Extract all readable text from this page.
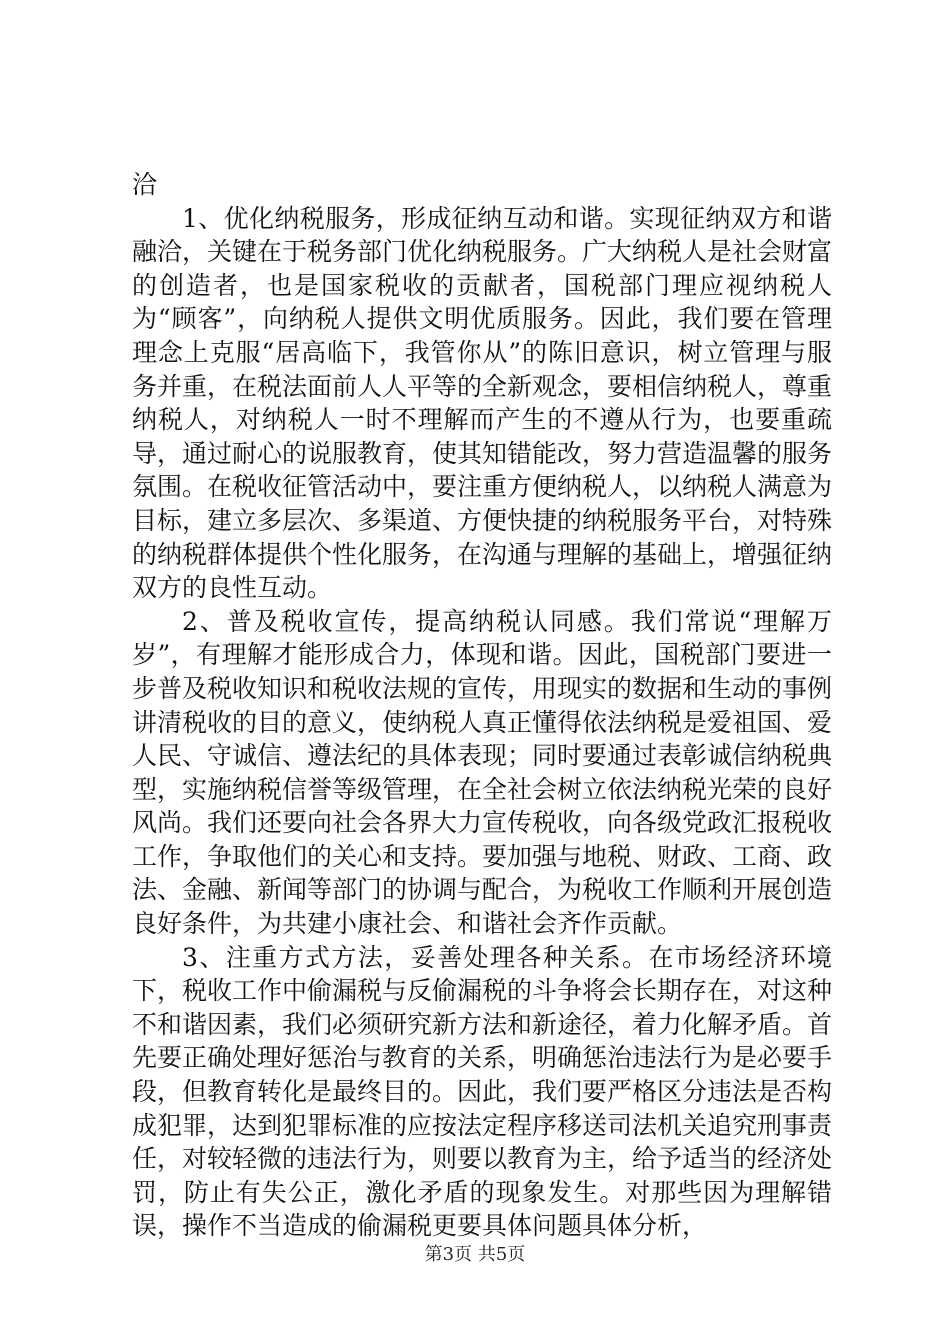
洽

1、优化纳税服务，形成征纳互动和谐。实现征纳双方和谐融洽，关键在于税务部门优化纳税服务。广大纳税人是社会财富的创造者，也是国家税收的贡献者，国税部门理应视纳税人为“顾客”，向纳税人提供文明优质服务。因此，我们要在管理理念上克服“居高临下，我管你从”的陈旧意识，树立管理与服务并重，在税法面前人人平等的全新观念，要相信纳税人，尊重纳税人，对纳税人一时不理解而产生的不遵从行为，也要重疏导，通过耐心的说服教育，使其知错能改，努力营造温馨的服务氛围。在税收征管活动中，要注重方便纳税人，以纳税人满意为目标，建立多层次、多渠道、方便快捷的纳税服务平台，对特殊的纳税群体提供个性化服务，在沟通与理解的基础上，增强征纳双方的良性互动。

2、普及税收宣传，提高纳税认同感。我们常说“理解万岁”，有理解才能形成合力，体现和谐。因此，国税部门要进一步普及税收知识和税收法规的宣传，用现实的数据和生动的事例讲清税收的目的意义，使纳税人真正懂得依法纳税是爱祖国、爱人民、守诚信、遵法纪的具体表现；同时要通过表彰诚信纳税典型，实施纳税信誉等级管理，在全社会树立依法纳税光荣的良好风尚。我们还要向社会各界大力宣传税收，向各级党政汇报税收工作，争取他们的关心和支持。要加强与地税、财政、工商、政法、金融、新闻等部门的协调与配合，为税收工作顺利开展创造良好条件，为共建小康社会、和谐社会齐作贡献。

3、注重方式方法，妥善处理各种关系。在市场经济环境下，税收工作中偷漏税与反偷漏税的斗争将会长期存在，对这种不和谐因素，我们必须研究新方法和新途径，着力化解矛盾。首先要正确处理好惩治与教育的关系，明确惩治违法行为是必要手段，但教育转化是最终目的。因此，我们要严格区分违法是否构成犯罪，达到犯罪标准的应按法定程序移送司法机关追究刑事责任，对较轻微的违法行为，则要以教育为主，给予适当的经济处罚，防止有失公正，激化矛盾的现象发生。对那些因为理解错误，操作不当造成的偷漏税更要具体问题具体分析，

第3页 共5页
